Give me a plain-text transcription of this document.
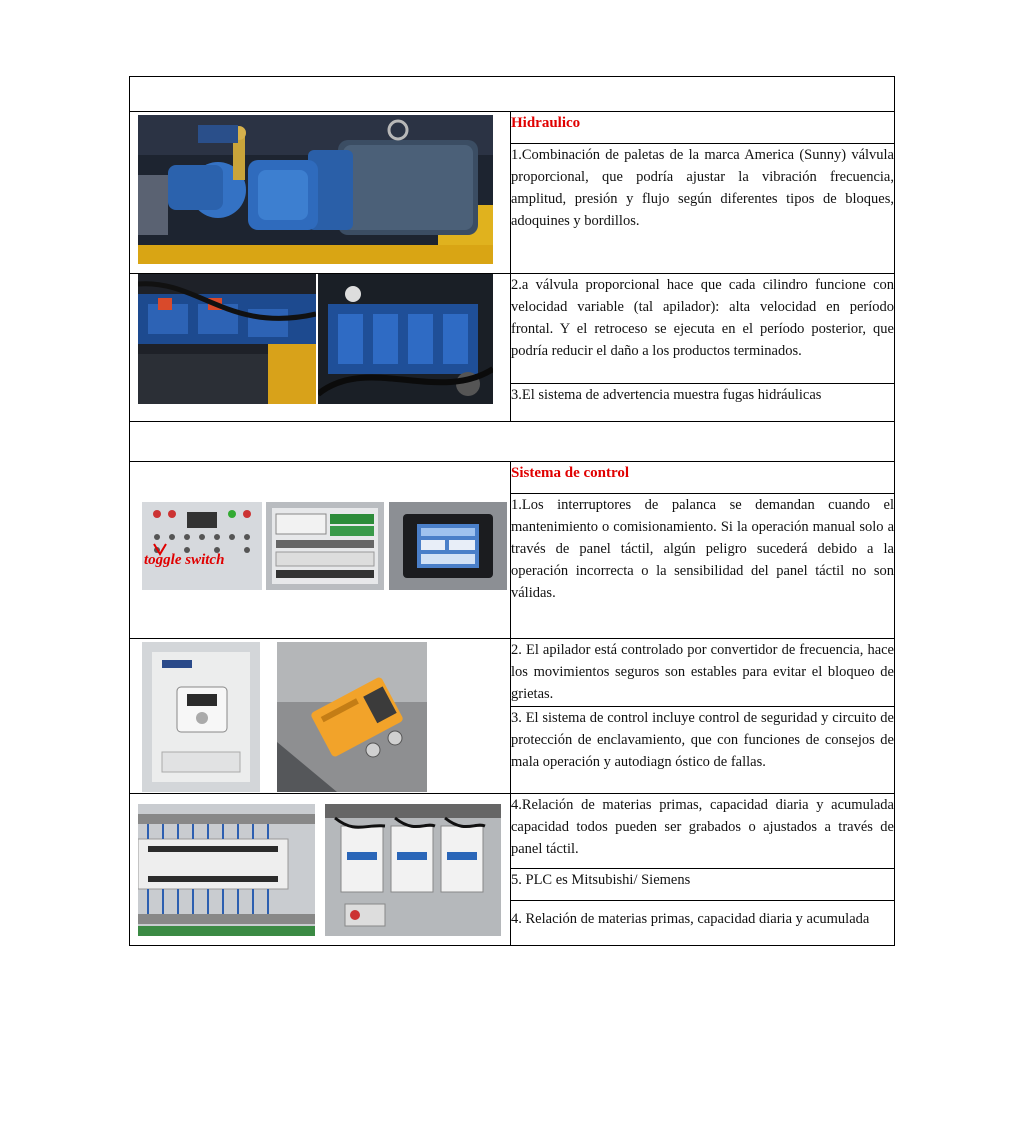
	Hidraulico
	1.Combinación de paletas de la marca America (Sunny) válvula proporcional, que podría ajustar la vibración frecuencia, amplitud, presión y flujo según diferentes tipos de bloques, adoquines y bordillos.

	2.a válvula proporcional hace que cada cilindro funcione con velocidad variable (tal apilador): alta velocidad en período frontal. Y el retroceso se ejecuta en el período posterior, que podría reducir el daño a los productos terminados.
	3.El sistema de advertencia muestra fugas hidráulicas

toggle switch	Sistema de control
	1.Los interruptores de palanca se demandan cuando el mantenimiento o comisionamiento. Si la operación manual solo a través de panel táctil, algún peligro sucederá debido a la operación incorrecta o la sensibilidad del panel táctil no son válidas.

	2. El apilador está controlado por convertidor de frecuencia, hace los movimientos seguros son estables para evitar el bloqueo de grietas.
	3. El sistema de control incluye control de seguridad y circuito de protección de enclavamiento, que con funciones de consejos de mala operación y autodiagn óstico de fallas.

	4.Relación de materias primas, capacidad diaria y acumulada capacidad todos pueden ser grabados o ajustados a través de panel táctil.
	5. PLC es Mitsubishi/ Siemens
	4. Relación de materias primas, capacidad diaria y acumulada
